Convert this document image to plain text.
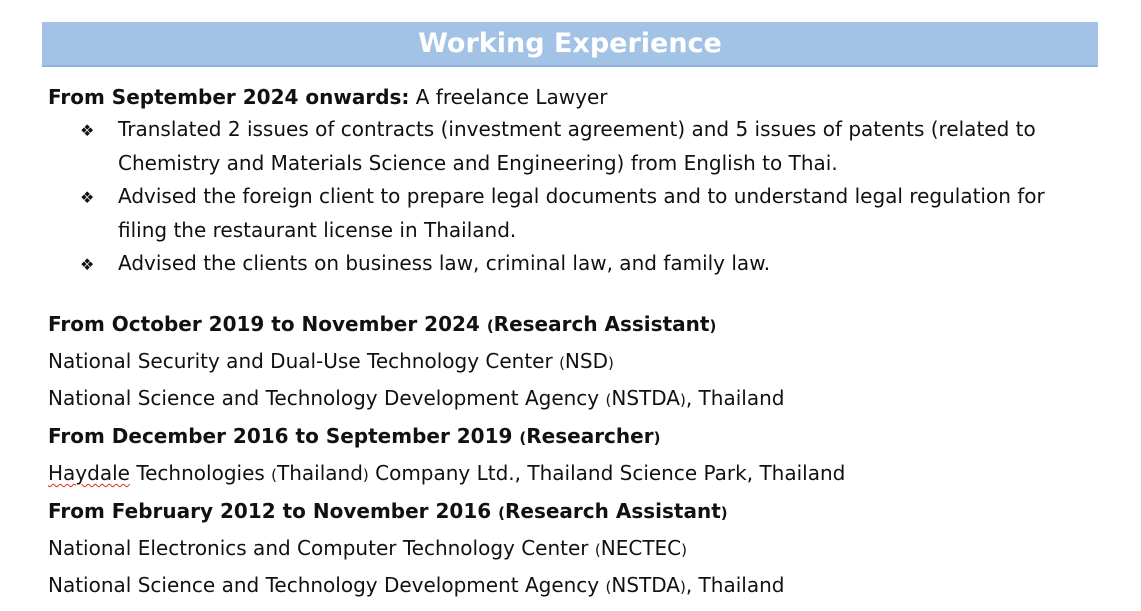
Working Experience
From September 2024 onwards: A freelance Lawyer
❖ Translated 2 issues of contracts (investment agreement) and 5 issues of patents (related to Chemistry and Materials Science and Engineering) from English to Thai.
❖ Advised the foreign client to prepare legal documents and to understand legal regulation for filing the restaurant license in Thailand.
❖ Advised the clients on business law, criminal law, and family law.
From October 2019 to November 2024 (Research Assistant)
National Security and Dual-Use Technology Center (NSD)
National Science and Technology Development Agency (NSTDA), Thailand
From December 2016 to September 2019 (Researcher)
Haydale Technologies (Thailand) Company Ltd., Thailand Science Park, Thailand
From February 2012 to November 2016 (Research Assistant)
National Electronics and Computer Technology Center (NECTEC)
National Science and Technology Development Agency (NSTDA), Thailand
